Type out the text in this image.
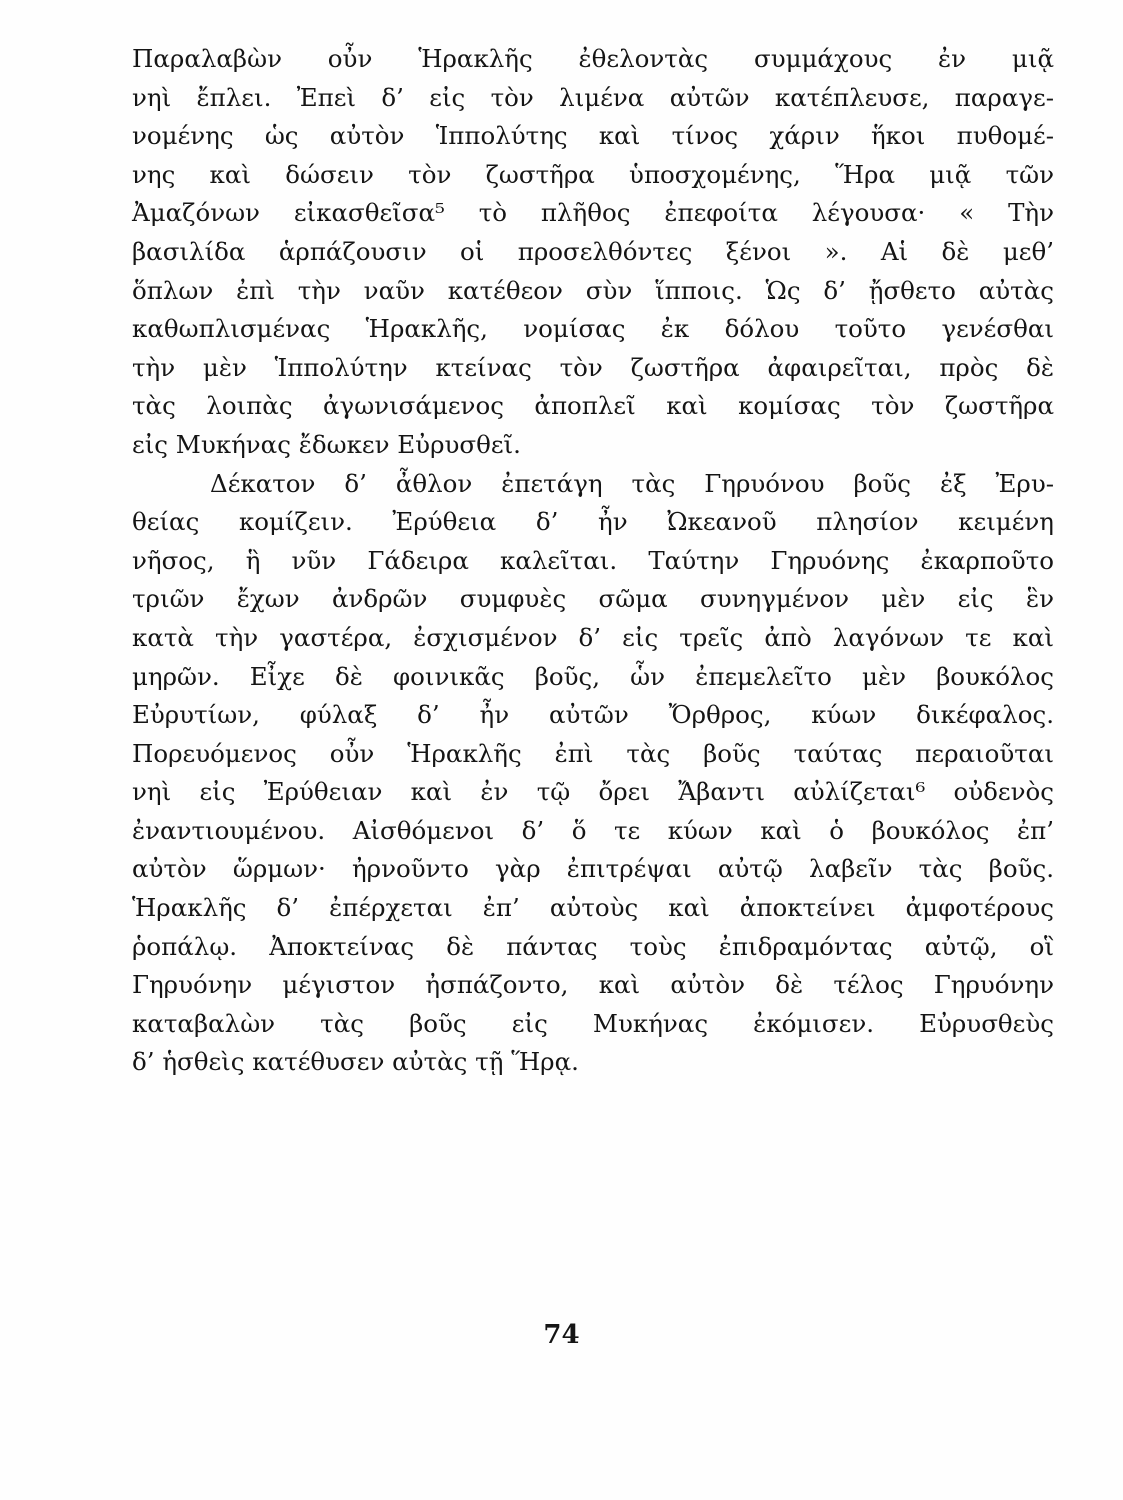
Παραλαβὼν οὖν Ἡρακλῆς ἐθελοντὰς συμμάχους ἐν μιᾷ
νηὶ ἔπλει. Ἐπεὶ δ’ εἰς τὸν λιμένα αὐτῶν κατέπλευσε, παραγε-
νομένης ὡς αὐτὸν Ἱππολύτης καὶ τίνος χάριν ἥκοι πυθομέ-
νης καὶ δώσειν τὸν ζωστῆρα ὑποσχομένης, Ἥρα μιᾷ τῶν
Ἀμαζόνων εἰκασθεῖσα⁵ τὸ πλῆθος ἐπεφοίτα λέγουσα· « Τὴν
βασιλίδα ἁρπάζουσιν οἱ προσελθόντες ξένοι ». Αἱ δὲ μεθ’
ὅπλων ἐπὶ τὴν ναῦν κατέθεον σὺν ἵπποις. Ὡς δ’ ᾔσθετο αὐτὰς
καθωπλισμένας Ἡρακλῆς, νομίσας ἐκ δόλου τοῦτο γενέσθαι
τὴν μὲν Ἱππολύτην κτείνας τὸν ζωστῆρα ἀφαιρεῖται, πρὸς δὲ
τὰς λοιπὰς ἀγωνισάμενος ἀποπλεῖ καὶ κομίσας τὸν ζωστῆρα
εἰς Μυκήνας ἔδωκεν Εὐρυσθεῖ.
Δέκατον δ’ ἆθλον ἐπετάγη τὰς Γηρυόνου βοῦς ἐξ Ἐρυ-
θείας κομίζειν. Ἐρύθεια δ’ ἦν Ὠκεανοῦ πλησίον κειμένη
νῆσος, ἣ νῦν Γάδειρα καλεῖται. Ταύτην Γηρυόνης ἐκαρποῦτο
τριῶν ἔχων ἀνδρῶν συμφυὲς σῶμα συνηγμένον μὲν εἰς ἓν
κατὰ τὴν γαστέρα, ἐσχισμένον δ’ εἰς τρεῖς ἀπὸ λαγόνων τε καὶ
μηρῶν. Εἶχε δὲ φοινικᾶς βοῦς, ὧν ἐπεμελεῖτο μὲν βουκόλος
Εὐρυτίων, φύλαξ δ’ ἦν αὐτῶν Ὄρθρος, κύων δικέφαλος.
Πορευόμενος οὖν Ἡρακλῆς ἐπὶ τὰς βοῦς ταύτας περαιοῦται
νηὶ εἰς Ἐρύθειαν καὶ ἐν τῷ ὄρει Ἄβαντι αὐλίζεται⁶ οὐδενὸς
ἐναντιουμένου. Αἰσθόμενοι δ’ ὅ τε κύων καὶ ὁ βουκόλος ἐπ’
αὐτὸν ὥρμων· ἠρνοῦντο γὰρ ἐπιτρέψαι αὐτῷ λαβεῖν τὰς βοῦς.
Ἡρακλῆς δ’ ἐπέρχεται ἐπ’ αὐτοὺς καὶ ἀποκτείνει ἀμφοτέρους
ῥοπάλῳ. Ἀποκτείνας δὲ πάντας τοὺς ἐπιδραμόντας αὐτῷ, οἳ
Γηρυόνην μέγιστον ἠσπάζοντο, καὶ αὐτὸν δὲ τέλος Γηρυόνην
καταβαλὼν τὰς βοῦς εἰς Μυκήνας ἐκόμισεν. Εὐρυσθεὺς
δ’ ἡσθεὶς κατέθυσεν αὐτὰς τῇ Ἥρᾳ.
74
